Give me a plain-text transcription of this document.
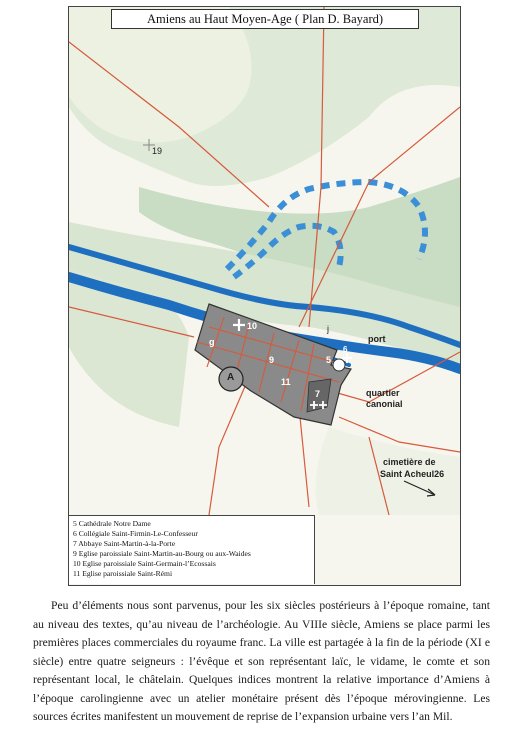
Amiens au Haut Moyen-Age ( Plan D. Bayard)
19
port
quartier
canonial
cimetière de
Saint Acheul26
A
g
j
10
9
11
7
5
6
5 Cathédrale Notre Dame
6 Collégiale Saint-Firmin-Le-Confesseur
7 Abbaye Saint-Martin-à-la-Porte
9 Eglise paroissiale Saint-Martin-au-Bourg ou aux-Waides
10 Eglise paroissiale Saint-Germain-l’Ecossais
11 Eglise paroissiale Saint-Rémi

Peu d’éléments nous sont parvenus, pour les six siècles postérieurs à l’époque romaine, tant au niveau des textes, qu’au niveau de l’archéologie. Au VIIIe siècle, Amiens se place parmi les premières places commerciales du royaume franc. La ville est partagée à la fin de la période (XI e siècle) entre quatre seigneurs : l’évêque et son représentant laïc, le vidame, le comte et son représentant local, le châtelain. Quelques indices montrent la relative importance d’Amiens à l’époque carolingienne avec un atelier monétaire présent dès l’époque mérovingienne. Les sources écrites manifestent un mouvement de reprise de l’expansion urbaine vers l’an Mil.
